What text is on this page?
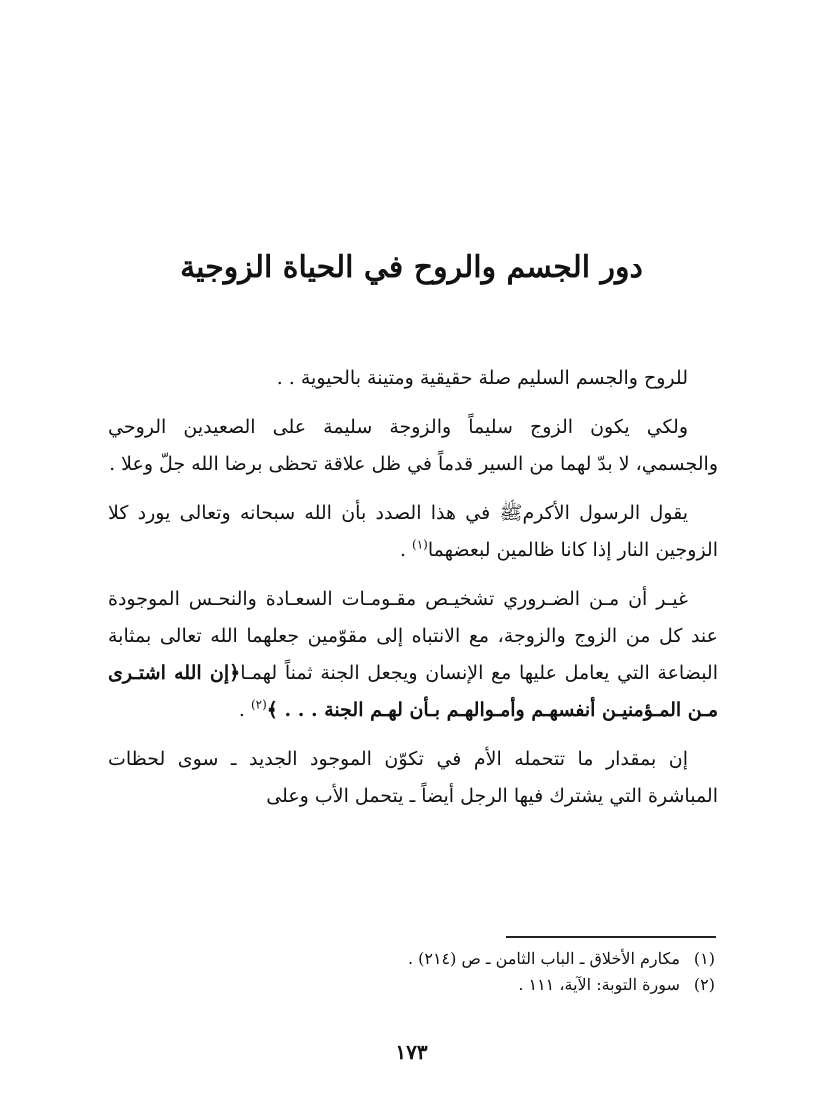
دور الجسم والروح في الحياة الزوجية

للروح والجسم السليم صلة حقيقية ومتينة بالحيوية . .

ولكي يكون الزوج سليماً والزوجة سليمة على الصعيدين الروحي والجسمي، لا بدّ لهما من السير قدماً في ظل علاقة تحظى برضا الله جلّ وعلا .

يقول الرسول الأكرمﷺ في هذا الصدد بأن الله سبحانه وتعالى يورد كلا الزوجين النار إذا كانا ظالمين لبعضهما$^{(١)}$ .

غيـر أن مـن الضـروري تشخيـص مقـومـات السعـادة والنحـس الموجودة عند كل من الزوج والزوجة، مع الانتباه إلى مقوّمين جعلهما الله تعالى بمثابة البضاعة التي يعامل عليها مع الإنسان ويجعل الجنة ثمناً لهمـا﴿إن الله اشتـرى مـن المـؤمنيـن أنفسهـم وأمـوالهـم بـأن لهـم الجنة . . . ﴾$^{(٢)}$ .

إن بمقدار ما تتحمله الأم في تكوّن الموجود الجديد ـ سوى لحظات المباشرة التي يشترك فيها الرجل أيضاً ـ يتحمل الأب وعلى

(١)مكارم الأخلاق ـ الباب الثامن ـ ص (٢١٤) .

(٢)سورة التوبة: الآية، ١١١ .

١٧٣
